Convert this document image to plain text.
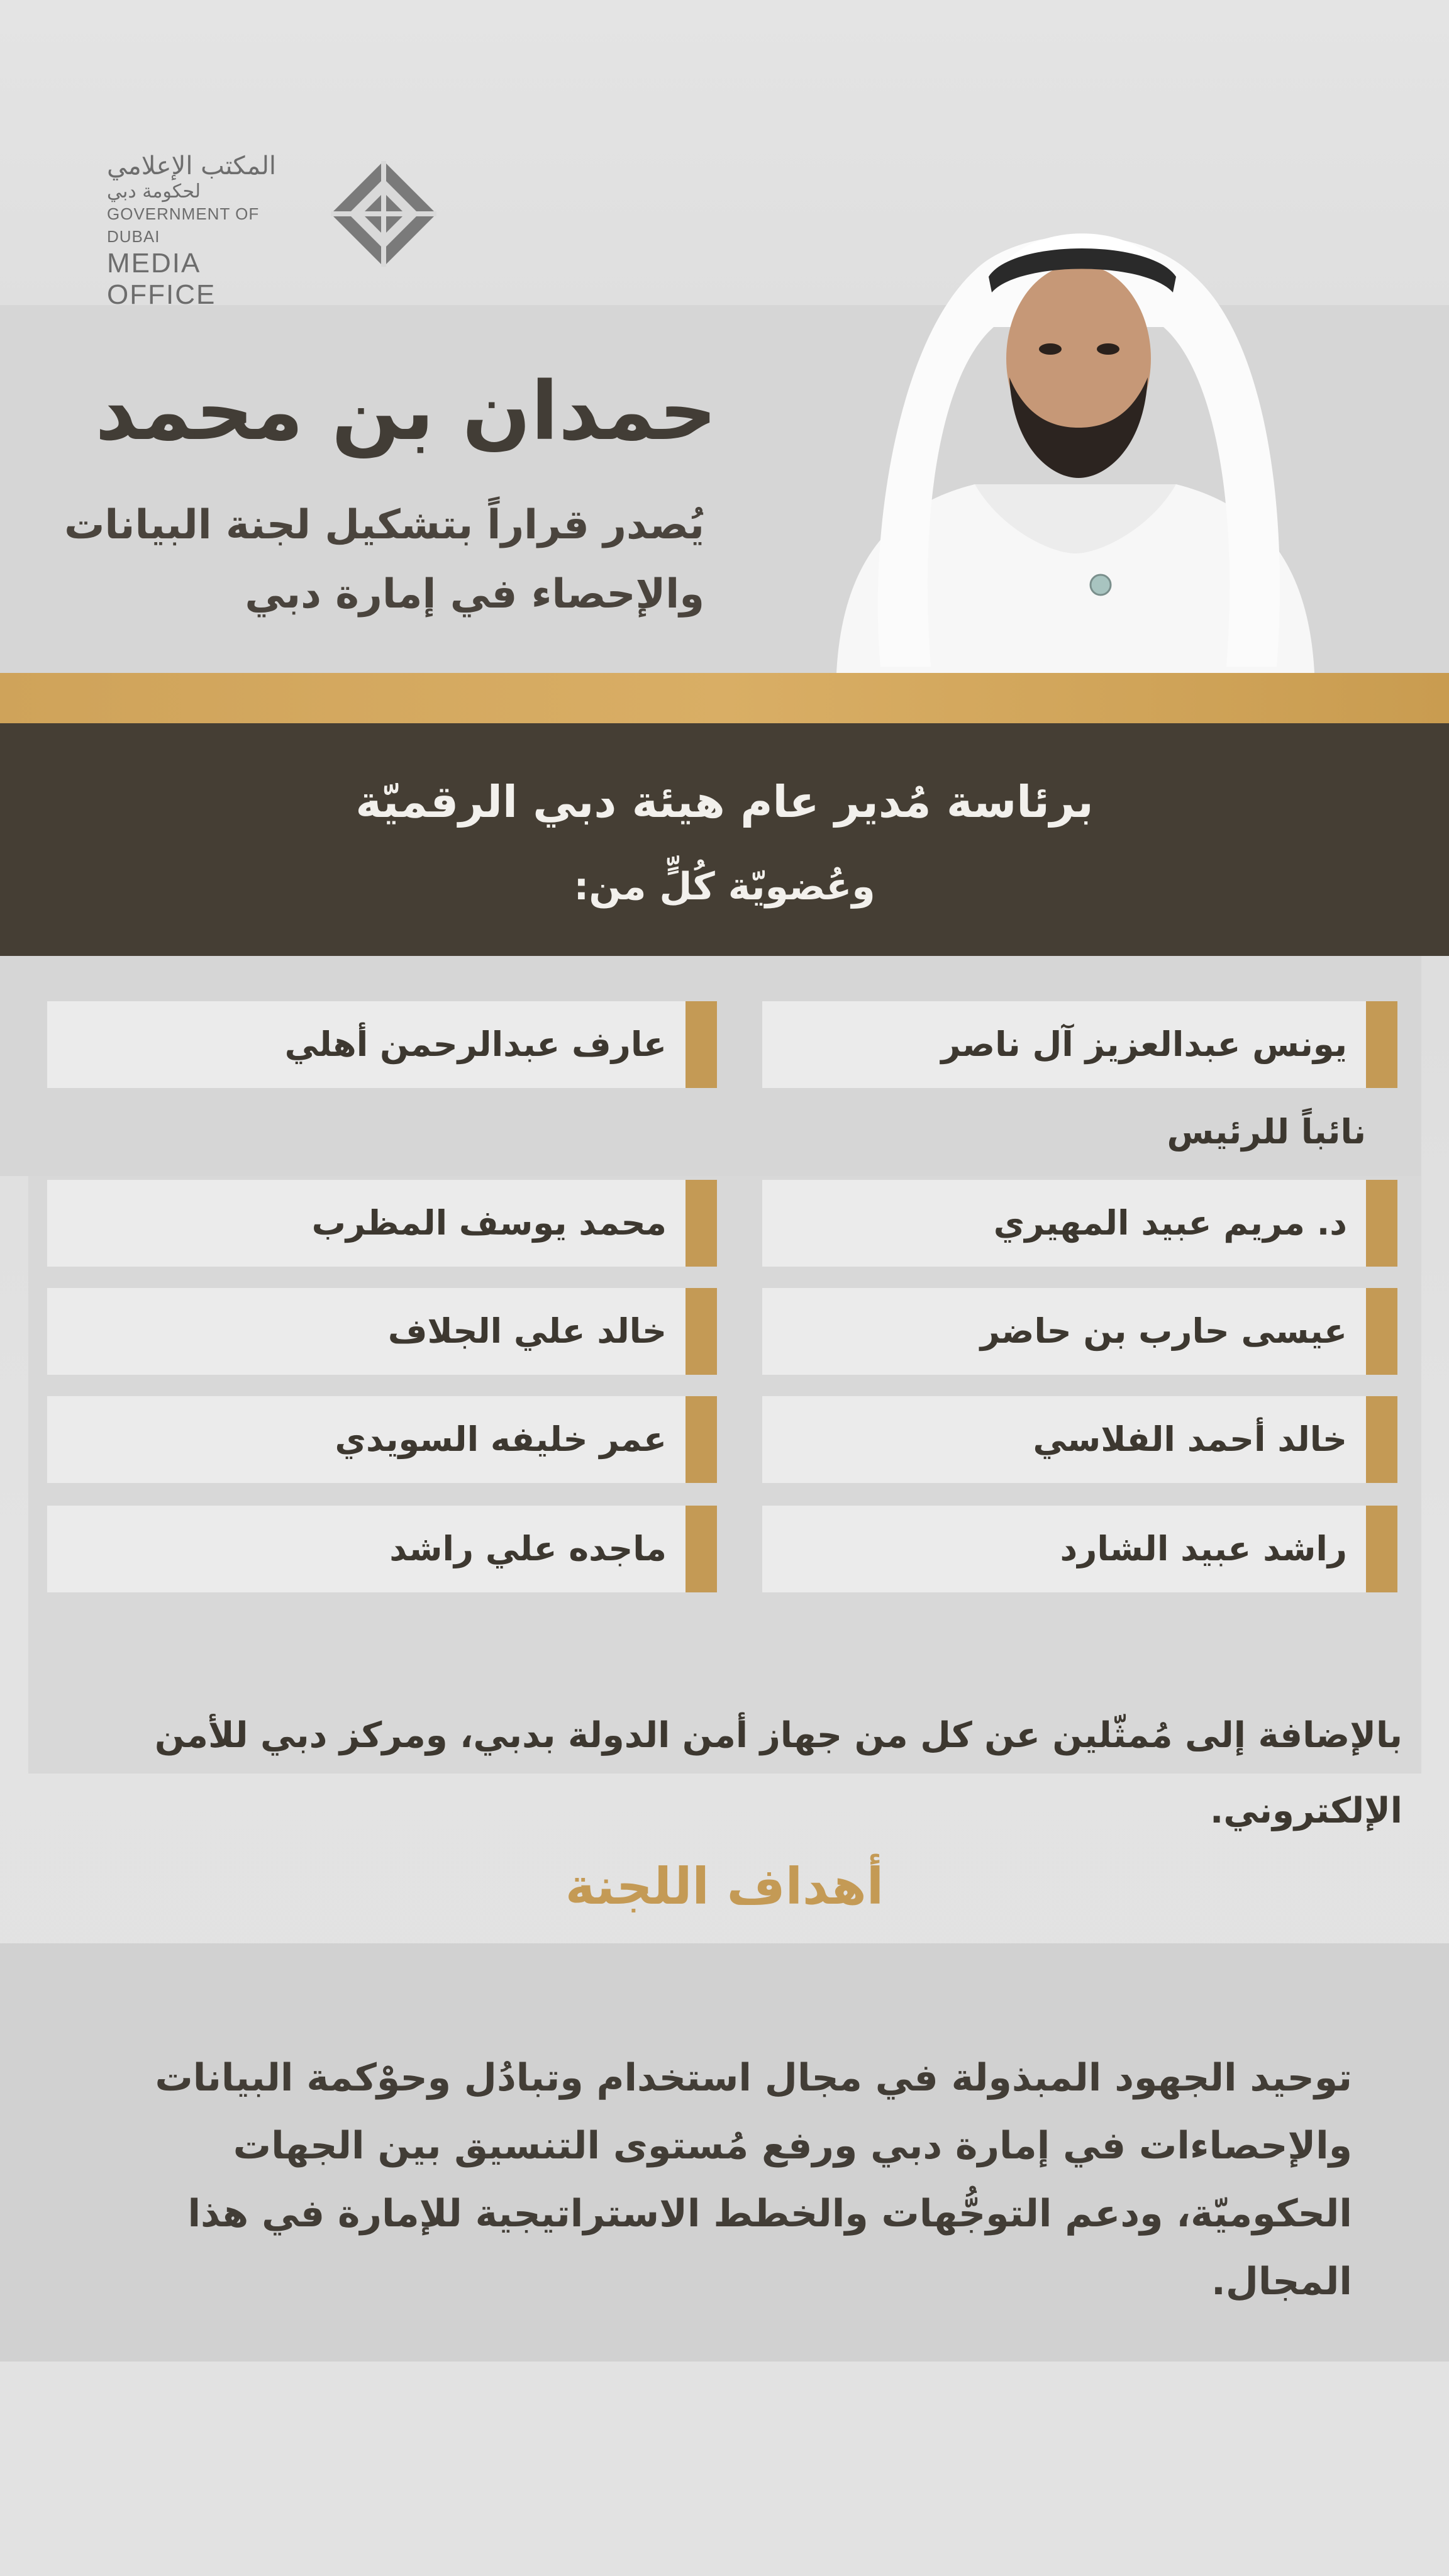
المكتب الإعلامي
لحكومة دبي
GOVERNMENT OF DUBAI
MEDIA OFFICE
حمدان بن محمد
يُصدر قراراً بتشكيل لجنة البيانات
والإحصاء في إمارة دبي
برئاسة مُدير عام هيئة دبي الرقميّة
وعُضويّة كُلٍّ من:
يونس عبدالعزيز آل ناصر
نائباً للرئيس
د. مريم عبيد المهيري
عيسى حارب بن حاضر
خالد أحمد الفلاسي
راشد عبيد الشارد
عارف عبدالرحمن أهلي
محمد يوسف المظرب
خالد علي الجلاف
عمر خليفه السويدي
ماجده علي راشد
بالإضافة إلى مُمثّلين عن كل من جهاز أمن الدولة بدبي، ومركز دبي للأمن الإلكتروني.
أهداف اللجنة
توحيد الجهود المبذولة في مجال استخدام وتبادُل وحوْكمة البيانات والإحصاءات في إمارة دبي ورفع مُستوى التنسيق بين الجهات الحكوميّة، ودعم التوجُّهات والخطط الاستراتيجية للإمارة في هذا المجال.
